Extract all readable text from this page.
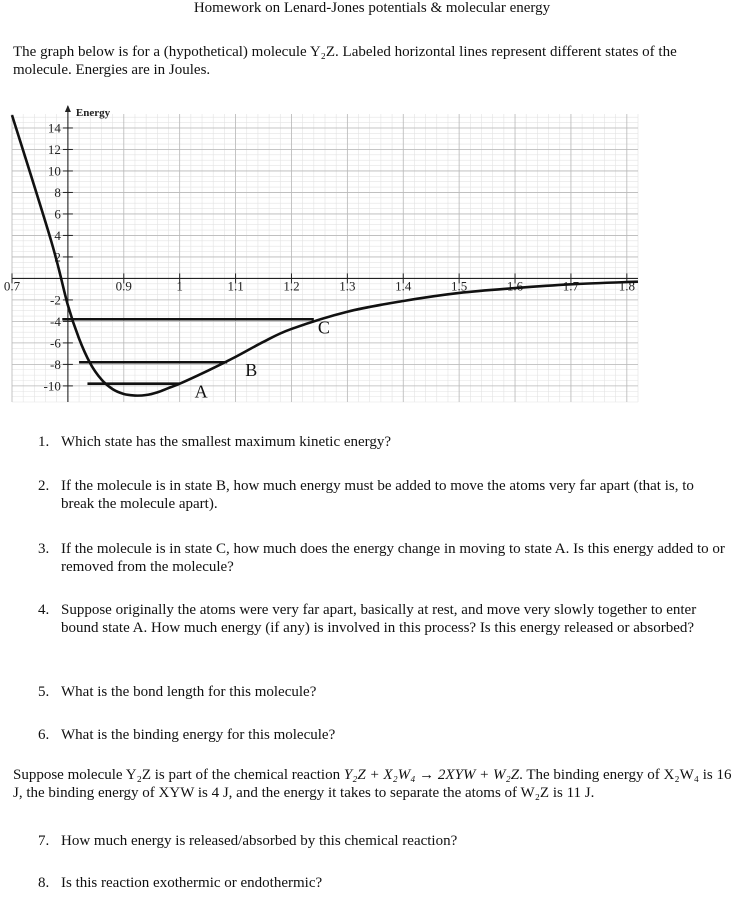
Homework on Lenard-Jones potentials & molecular energy
The graph below is for a (hypothetical) molecule Y₂Z. Labeled horizontal lines represent different states of the molecule. Energies are in Joules.
0.7	0.9	1	1.1	1.2	1.3	1.4	1.5	1.6	1.7	1.8
14
12
10
8
6
4
2
-2
-4
-6
-8
-10
Energy
A
B
C
1. Which state has the smallest maximum kinetic energy?
2. If the molecule is in state B, how much energy must be added to move the atoms very far apart (that is, to break the molecule apart).
3. If the molecule is in state C, how much does the energy change in moving to state A. Is this energy added to or removed from the molecule?
4. Suppose originally the atoms were very far apart, basically at rest, and move very slowly together to enter bound state A. How much energy (if any) is involved in this process? Is this energy released or absorbed?
5. What is the bond length for this molecule?
6. What is the binding energy for this molecule?
Suppose molecule Y₂Z is part of the chemical reaction Y₂Z + X₂W₄ → 2XYW + W₂Z. The binding energy of X₂W₄ is 16 J, the binding energy of XYW is 4 J, and the energy it takes to separate the atoms of W₂Z is 11 J.
7. How much energy is released/absorbed by this chemical reaction?
8. Is this reaction exothermic or endothermic?
